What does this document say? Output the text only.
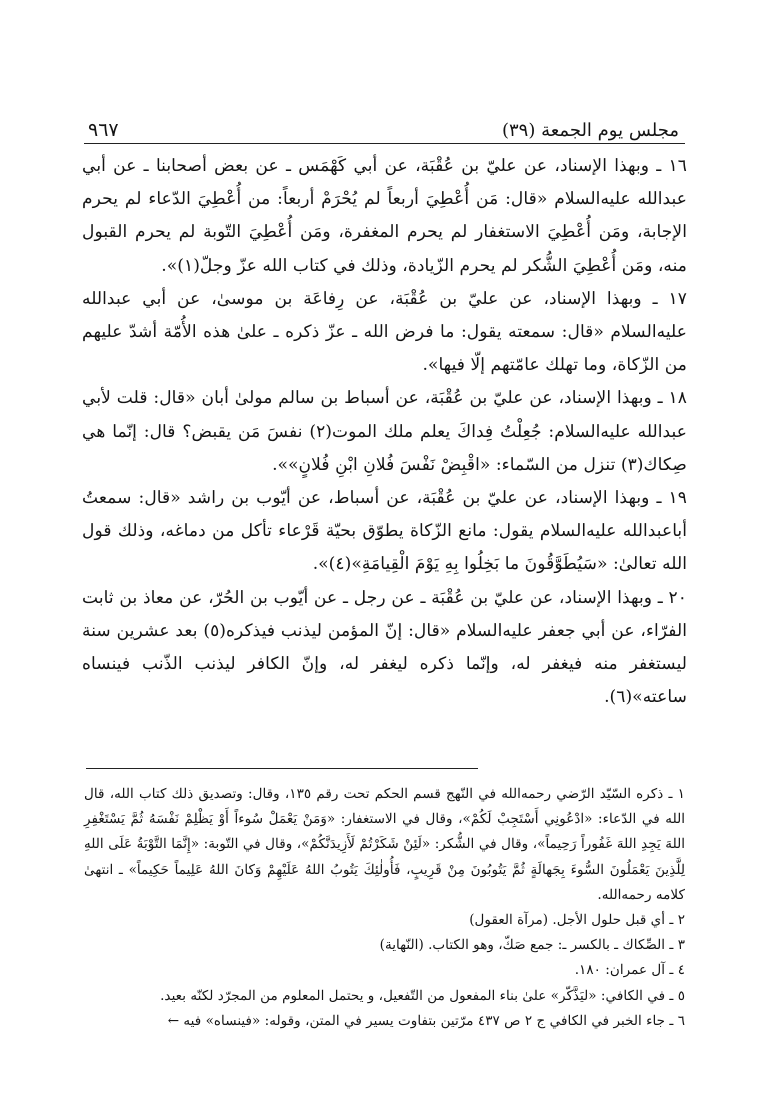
٩٦٧	مجلس يوم الجمعة (٣٩)

١٦ ـ وبهذا الإسناد، عن عليّ بن عُقْبَة، عن أبي كَهْمَس ـ عن بعض أصحابنا ـ عن أبي عبدالله عليه‌السلام «قال: مَن أُعْطِيَ أربعاً لم يُحْرَمْ أربعاً: من أُعْطِيَ الدّعاء لم يحرم الإجابة، ومَن أُعْطِيَ الاستغفار لم يحرم المغفرة، ومَن أُعْطِيَ التّوبة لم يحرم القبول منه، ومَن أُعْطِيَ الشُّكر لم يحرم الزّيادة، وذلك في كتاب الله عزّ وجلّ(١)».

١٧ ـ وبهذا الإسناد، عن عليّ بن عُقْبَة، عن رِفاعَة بن موسىٰ، عن أبي عبدالله عليه‌السلام «قال: سمعته يقول: ما فرض الله ـ عزّ ذكره ـ علىٰ هذه الأُمّة أشدّ عليهم من الزّكاة، وما تهلك عامّتهم إلّا فيها».

١٨ ـ وبهذا الإسناد، عن عليّ بن عُقْبَة، عن أسباط بن سالم مولىٰ أبان «قال: قلت لأبي عبدالله عليه‌السلام: جُعِلْتُ فِداكَ يعلم ملك الموت(٢) نفسَ مَن يقبض؟ قال: إنّما هي صِكاك(٣) تنزل من السّماء: «اقْبِضْ نَفْسَ فُلانِ ابْنِ فُلانٍ»».

١٩ ـ وبهذا الإسناد، عن عليّ بن عُقْبَة، عن أسباط، عن أيّوب بن راشد «قال: سمعتُ أباعبدالله عليه‌السلام يقول: مانع الزّكاة يطوّق بحيّة قَرْعاء تأكل من دماغه، وذلك قول الله تعالىٰ: «سَيُطَوَّقُونَ ما بَخِلُوا بِهِ يَوْمَ الْقِيامَةِ»(٤)».

٢٠ ـ وبهذا الإسناد، عن عليّ بن عُقْبَة ـ عن رجل ـ عن أيّوب بن الحُرّ، عن معاذ بن ثابت الفرّاء، عن أبي جعفر عليه‌السلام «قال: إنّ المؤمن ليذنب فيذكره(٥) بعد عشرين سنة ليستغفر منه فيغفر له، وإنّما ذكره ليغفر له، وإنّ الكافر ليذنب الذّنب فينساه ساعته»(٦).

١ ـ ذكره السّيّد الرّضي رحمه‌الله في النّهج قسم الحكم تحت رقم ١٣٥، وقال: وتصديق ذلك كتاب الله، قال الله في الدّعاء: «ادْعُونِي أَسْتَجِبْ لَكُمْ»، وقال في الاستغفار: «وَمَنْ يَعْمَلْ سُوءاً أَوْ يَظْلِمْ نَفْسَهُ ثُمَّ يَسْتَغْفِرِ اللهَ يَجِدِ اللهَ غَفُوراً رَحِيماً»، وقال في الشُّكر: «لَئِنْ شَكَرْتُمْ لَأَزِيدَنَّكُمْ»، وقال في التّوبة: «إِنَّمَا التَّوْبَةُ عَلَى اللهِ لِلَّذِينَ يَعْمَلُونَ السُّوءَ بِجَهالَةٍ ثُمَّ يَتُوبُونَ مِنْ قَرِيبٍ، فَأُولٰئِكَ يَتُوبُ اللهُ عَلَيْهِمْ وَكانَ اللهُ عَلِيماً حَكِيماً» ـ انتهىٰ كلامه رحمه‌الله.

٢ ـ أي قبل حلول الأجل. (مرآة العقول)

٣ ـ الصِّكاك ـ بالكسر ـ: جمع صَكّ، وهو الكتاب. (النّهاية)

٤ ـ آل عمران: ١٨٠.

٥ ـ في الكافي: «ليَذَّكّر» علىٰ بناء المفعول من التّفعيل، و يحتمل المعلوم من المجرّد لكنّه بعيد.

٦ ـ جاء الخبر في الكافي ج ٢ ص ٤٣٧ مرّتين بتفاوت يسير في المتن، وقوله: «فينساه» فيه ←
